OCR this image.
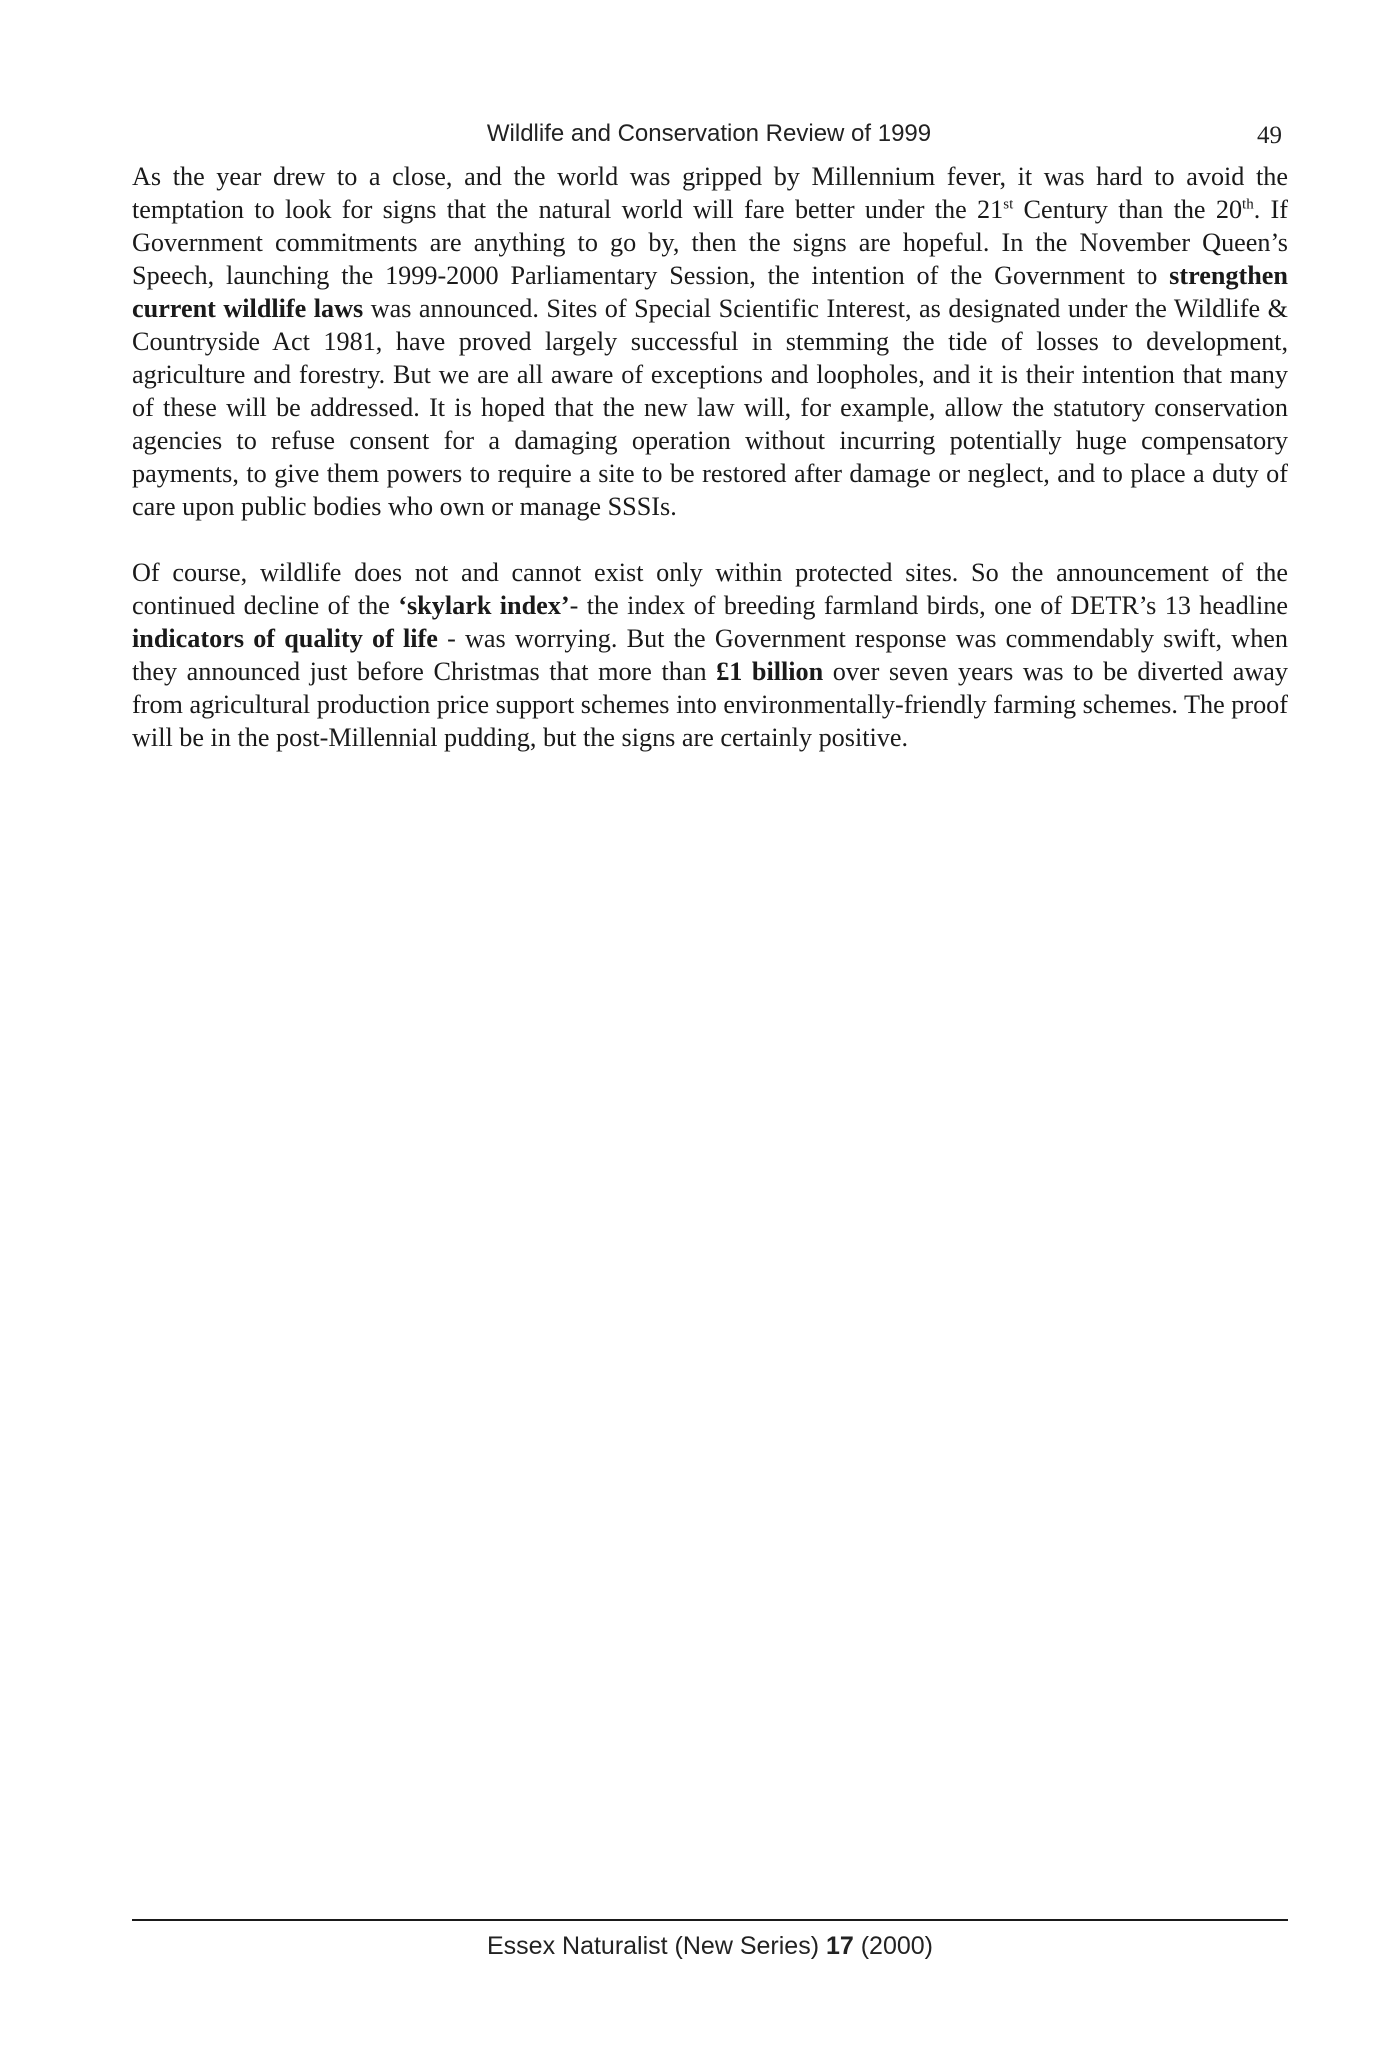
Wildlife and Conservation Review of 1999	49

As the year drew to a close, and the world was gripped by Millennium fever, it was hard to avoid the temptation to look for signs that the natural world will fare better under the 21st Century than the 20th. If Government commitments are anything to go by, then the signs are hopeful. In the November Queen’s Speech, launching the 1999-2000 Parliamentary Session, the intention of the Government to strengthen current wildlife laws was announced. Sites of Special Scientific Interest, as designated under the Wildlife & Countryside Act 1981, have proved largely successful in stemming the tide of losses to development, agriculture and forestry. But we are all aware of exceptions and loopholes, and it is their intention that many of these will be addressed. It is hoped that the new law will, for example, allow the statutory conservation agencies to refuse consent for a damaging operation without incurring potentially huge compensatory payments, to give them powers to require a site to be restored after damage or neglect, and to place a duty of care upon public bodies who own or manage SSSIs.

Of course, wildlife does not and cannot exist only within protected sites. So the announcement of the continued decline of the ‘skylark index’- the index of breeding farmland birds, one of DETR’s 13 headline indicators of quality of life - was worrying. But the Government response was commendably swift, when they announced just before Christmas that more than £1 billion over seven years was to be diverted away from agricultural production price support schemes into environmentally-friendly farming schemes. The proof will be in the post-Millennial pudding, but the signs are certainly positive.

Essex Naturalist (New Series) 17 (2000)
